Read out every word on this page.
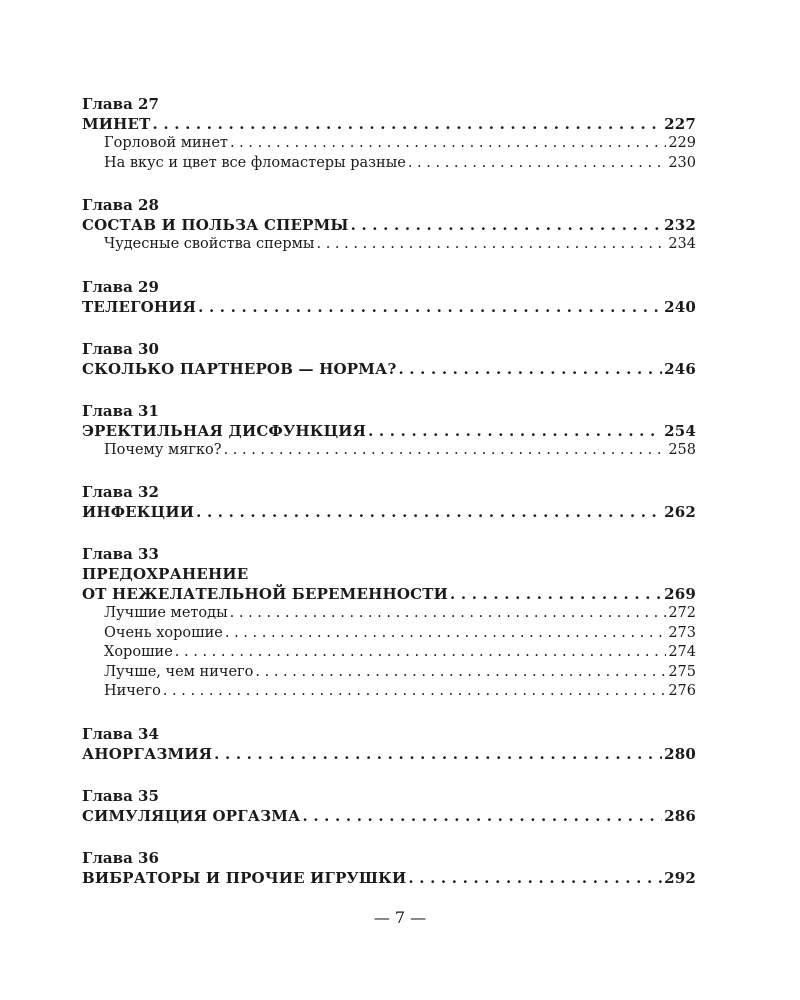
Глава 27
МИНЕТ . . .	227
Горловой минет . . .	229
На вкус и цвет все фломастеры разные . . .	230
Глава 28
СОСТАВ И ПОЛЬЗА СПЕРМЫ . . .	232
Чудесные свойства спермы . . .	234
Глава 29
ТЕЛЕГОНИЯ . . .	240
Глава 30
СКОЛЬКО ПАРТНЕРОВ — НОРМА? . . .	246
Глава 31
ЭРЕКТИЛЬНАЯ ДИСФУНКЦИЯ . . .	254
Почему мягко? . . .	258
Глава 32
ИНФЕКЦИИ . . .	262
Глава 33
ПРЕДОХРАНЕНИЕ
ОТ НЕЖЕЛАТЕЛЬНОЙ БЕРЕМЕННОСТИ . . .	269
Лучшие методы . . .	272
Очень хорошие . . .	273
Хорошие . . .	274
Лучше, чем ничего . . .	275
Ничего . . .	276
Глава 34
АНОРГАЗМИЯ . . .	280
Глава 35
СИМУЛЯЦИЯ ОРГАЗМА . . .	286
Глава 36
ВИБРАТОРЫ И ПРОЧИЕ ИГРУШКИ . . .	292
— 7 —
